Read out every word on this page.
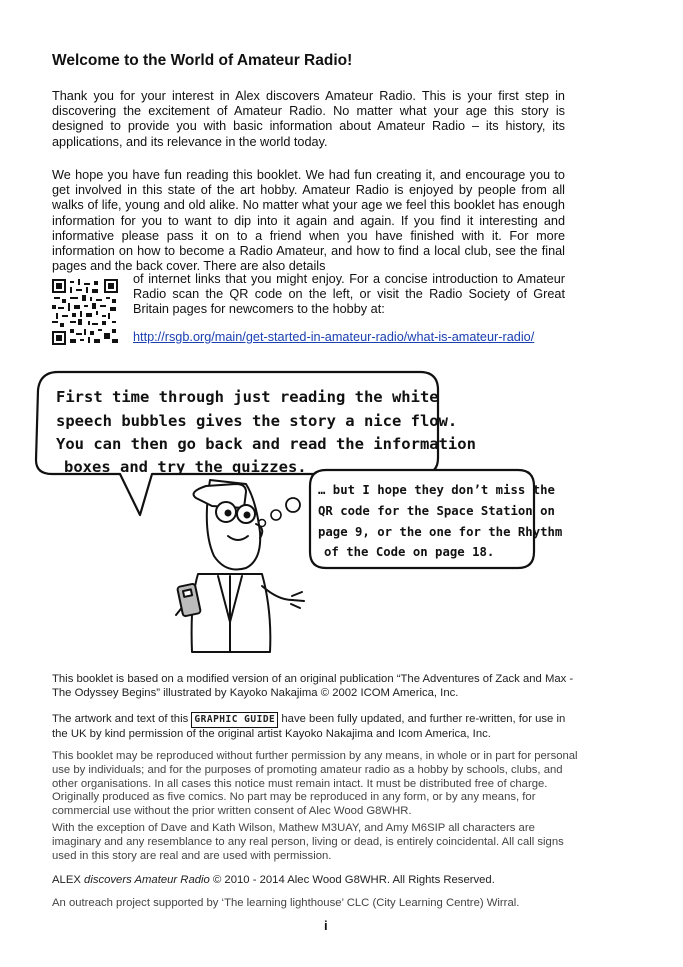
Welcome to the World of Amateur Radio!

Thank you for your interest in Alex discovers Amateur Radio. This is your first step in discovering the excitement of Amateur Radio. No matter what your age this story is designed to provide you with basic information about Amateur Radio – its history, its applications, and its relevance in the world today.

We hope you have fun reading this booklet. We had fun creating it, and encourage you to get involved in this state of the art hobby. Amateur Radio is enjoyed by people from all walks of life, young and old alike. No matter what your age we feel this booklet has enough information for you to want to dip into it again and again. If you find it interesting and informative please pass it on to a friend when you have finished with it. For more information on how to become a Radio Amateur, and how to find a local club, see the final pages and the back cover. There are also details

of internet links that you might enjoy. For a concise introduction to Amateur Radio scan the QR code on the left, or visit the Radio Society of Great Britain pages for newcomers to the hobby at:

http://rsgb.org/main/get-started-in-amateur-radio/what-is-amateur-radio/
First time through just reading the white
speech bubbles gives the story a nice flow.
You can then go back and read the information
boxes and try the quizzes.
… but I hope they don’t miss the
QR code for the Space Station on
page 9, or the one for the Rhythm
of the Code on page 18.

This booklet is based on a modified version of an original publication “The Adventures of Zack and Max - The Odyssey Begins” illustrated by Kayoko Nakajima © 2002 ICOM America, Inc.

The artwork and text of this GRAPHIC GUIDE have been fully updated, and further re-written, for use in the UK by kind permission of the original artist Kayoko Nakajima and Icom America, Inc.

This booklet may be reproduced without further permission by any means, in whole or in part for personal use by individuals; and for the purposes of promoting amateur radio as a hobby by schools, clubs, and other organisations. In all cases this notice must remain intact. It must be distributed free of charge. Originally produced as five comics. No part may be reproduced in any form, or by any means, for commercial use without the prior written consent of Alec Wood G8WHR.

With the exception of Dave and Kath Wilson, Mathew M3UAY, and Amy M6SIP all characters are imaginary and any resemblance to any real person, living or dead, is entirely coincidental. All call signs used in this story are real and are used with permission.

ALEX discovers Amateur Radio © 2010 - 2014 Alec Wood G8WHR. All Rights Reserved.

An outreach project supported by ‘The learning lighthouse’ CLC (City Learning Centre) Wirral.

i
